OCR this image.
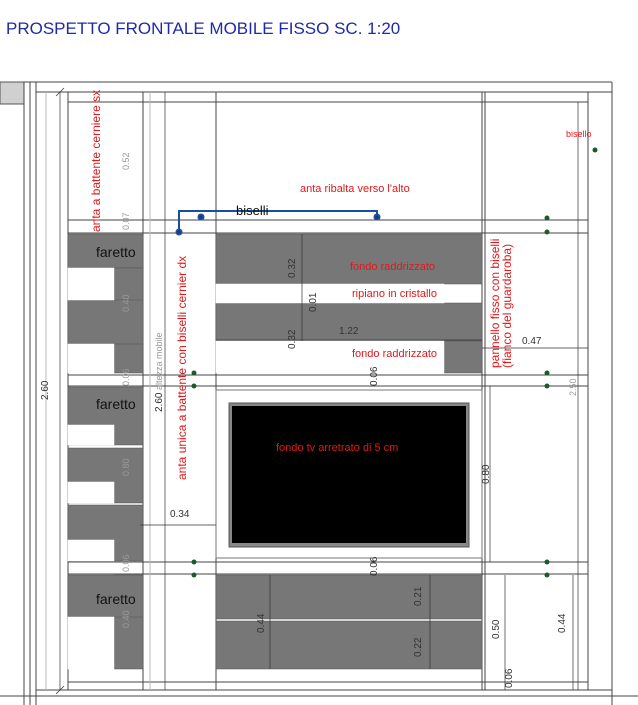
PROSPETTO FRONTALE MOBILE FISSO SC. 1:20
faretto
faretto
faretto
anta ribalta verso l'alto
biselli
bisello
fondo raddrizzato
ripiano in cristallo
fondo raddrizzato
fondo tv arretrato di 5 cm
anta a battente cerniere sx
anta unica a battente con biselli cernier dx	pannello fisso con biselli
(fianco del guardaroba)
2.60
2.60
altezza mobile	2.50
0.52
0.07
0.40
0.06
0.80
0.06
0.40
0.32
0.01
0.32	1.22
0.47
0.06
0.06
0.80
0.34
0.44
0.21
0.22
0.50	0.44
0.06
